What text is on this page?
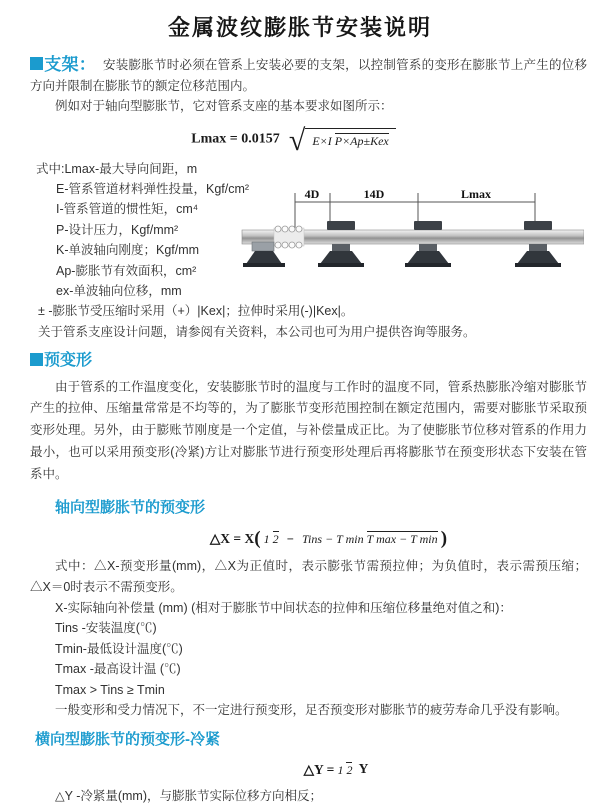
金属波纹膨胀节安装说明

支架： 安装膨胀节时必须在管系上安装必要的支架，以控制管系的变形在膨胀节上产生的位移方向并限制在膨胀节的额定位移范围内。

例如对于轴向型膨胀节，它对管系支座的基本要求如图所示：

Lmax = 0.0157 √ E×I P×Ap±Kex
式中:Lmax-最大导向间距，m
E-管系管道材料弹性投量，Kgf/cm²
I-管系管道的惯性矩，cm⁴
P-设计压力，Kgf/mm²
K-单波轴向刚度；Kgf/mm
Ap-膨胀节有效面积，cm²
ex-单波轴向位移，mm
± -膨胀节受压缩时采用（+）|Kex|；拉伸时采用(-)|Kex|。
关于管系支座设计问题，请参阅有关资料，本公司也可为用户提供咨询等服务。
预变形

由于管系的工作温度变化，安装膨胀节时的温度与工作时的温度不同，管系热膨胀冷缩对膨胀节产生的拉伸、压缩量常常是不均等的，为了膨胀节变形范围控制在额定范围内，需要对膨胀节采取预变形处理。另外，由于膨账节刚度是一个定值，与补偿量成正比。为了使膨胀节位移对管系的作用力最小，也可以采用预变形(冷紧)方让对膨胀节进行预变形处理后再将膨胀节在预变形状态下安装在管系中。

轴向型膨胀节的预变形
△X = X( 1 2 − Tins − T min T max − T min )

式中：△X-预变形量(mm)，△X为正值时，表示膨张节需预拉伸；为负值时，表示需预压缩；△X＝0时表示不需预变形。

X-实际轴向补偿量 (mm) (相对于膨胀节中间状态的拉伸和压缩位移量绝对值之和)：
Tins -安装温度(℃)
Tmin-最低设计温度(℃)
Tmax -最高设计温 (℃)
Tmax > Tins ≥ Tmin
一般变形和受力情况下，不一定进行预变形，足否预变形对膨胀节的疲劳寿命几乎没有影响。
横向型膨胀节的预变形-冷紧
△Y = 1 2 Y
△Y -冷紧量(mm)，与膨胀节实际位移方向相反；
4D	14D	Lmax
